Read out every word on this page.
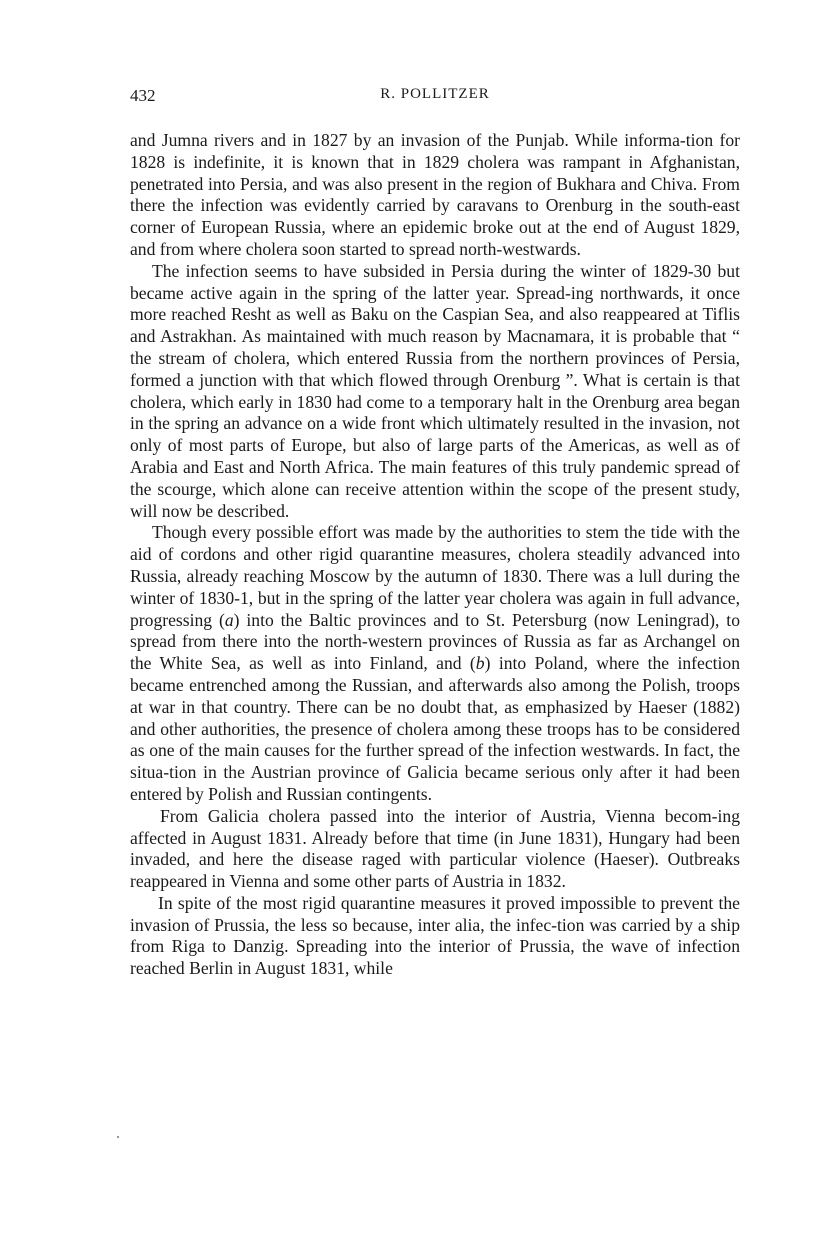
432	R. POLLITZER

and Jumna rivers and in 1827 by an invasion of the Punjab. While informa-tion for 1828 is indefinite, it is known that in 1829 cholera was rampant in Afghanistan, penetrated into Persia, and was also present in the region of Bukhara and Chiva. From there the infection was evidently carried by caravans to Orenburg in the south-east corner of European Russia, where an epidemic broke out at the end of August 1829, and from where cholera soon started to spread north-westwards.

The infection seems to have subsided in Persia during the winter of 1829-30 but became active again in the spring of the latter year. Spread-ing northwards, it once more reached Resht as well as Baku on the Caspian Sea, and also reappeared at Tiflis and Astrakhan. As maintained with much reason by Macnamara, it is probable that “ the stream of cholera, which entered Russia from the northern provinces of Persia, formed a junction with that which flowed through Orenburg ”. What is certain is that cholera, which early in 1830 had come to a temporary halt in the Orenburg area began in the spring an advance on a wide front which ultimately resulted in the invasion, not only of most parts of Europe, but also of large parts of the Americas, as well as of Arabia and East and North Africa. The main features of this truly pandemic spread of the scourge, which alone can receive attention within the scope of the present study, will now be described.

Though every possible effort was made by the authorities to stem the tide with the aid of cordons and other rigid quarantine measures, cholera steadily advanced into Russia, already reaching Moscow by the autumn of 1830. There was a lull during the winter of 1830-1, but in the spring of the latter year cholera was again in full advance, progressing (a) into the Baltic provinces and to St. Petersburg (now Leningrad), to spread from there into the north-western provinces of Russia as far as Archangel on the White Sea, as well as into Finland, and (b) into Poland, where the infection became entrenched among the Russian, and afterwards also among the Polish, troops at war in that country. There can be no doubt that, as emphasized by Haeser (1882) and other authorities, the presence of cholera among these troops has to be considered as one of the main causes for the further spread of the infection westwards. In fact, the situa-tion in the Austrian province of Galicia became serious only after it had been entered by Polish and Russian contingents.

From Galicia cholera passed into the interior of Austria, Vienna becom-ing affected in August 1831. Already before that time (in June 1831), Hungary had been invaded, and here the disease raged with particular violence (Haeser). Outbreaks reappeared in Vienna and some other parts of Austria in 1832.

In spite of the most rigid quarantine measures it proved impossible to prevent the invasion of Prussia, the less so because, inter alia, the infec-tion was carried by a ship from Riga to Danzig. Spreading into the interior of Prussia, the wave of infection reached Berlin in August 1831, while
